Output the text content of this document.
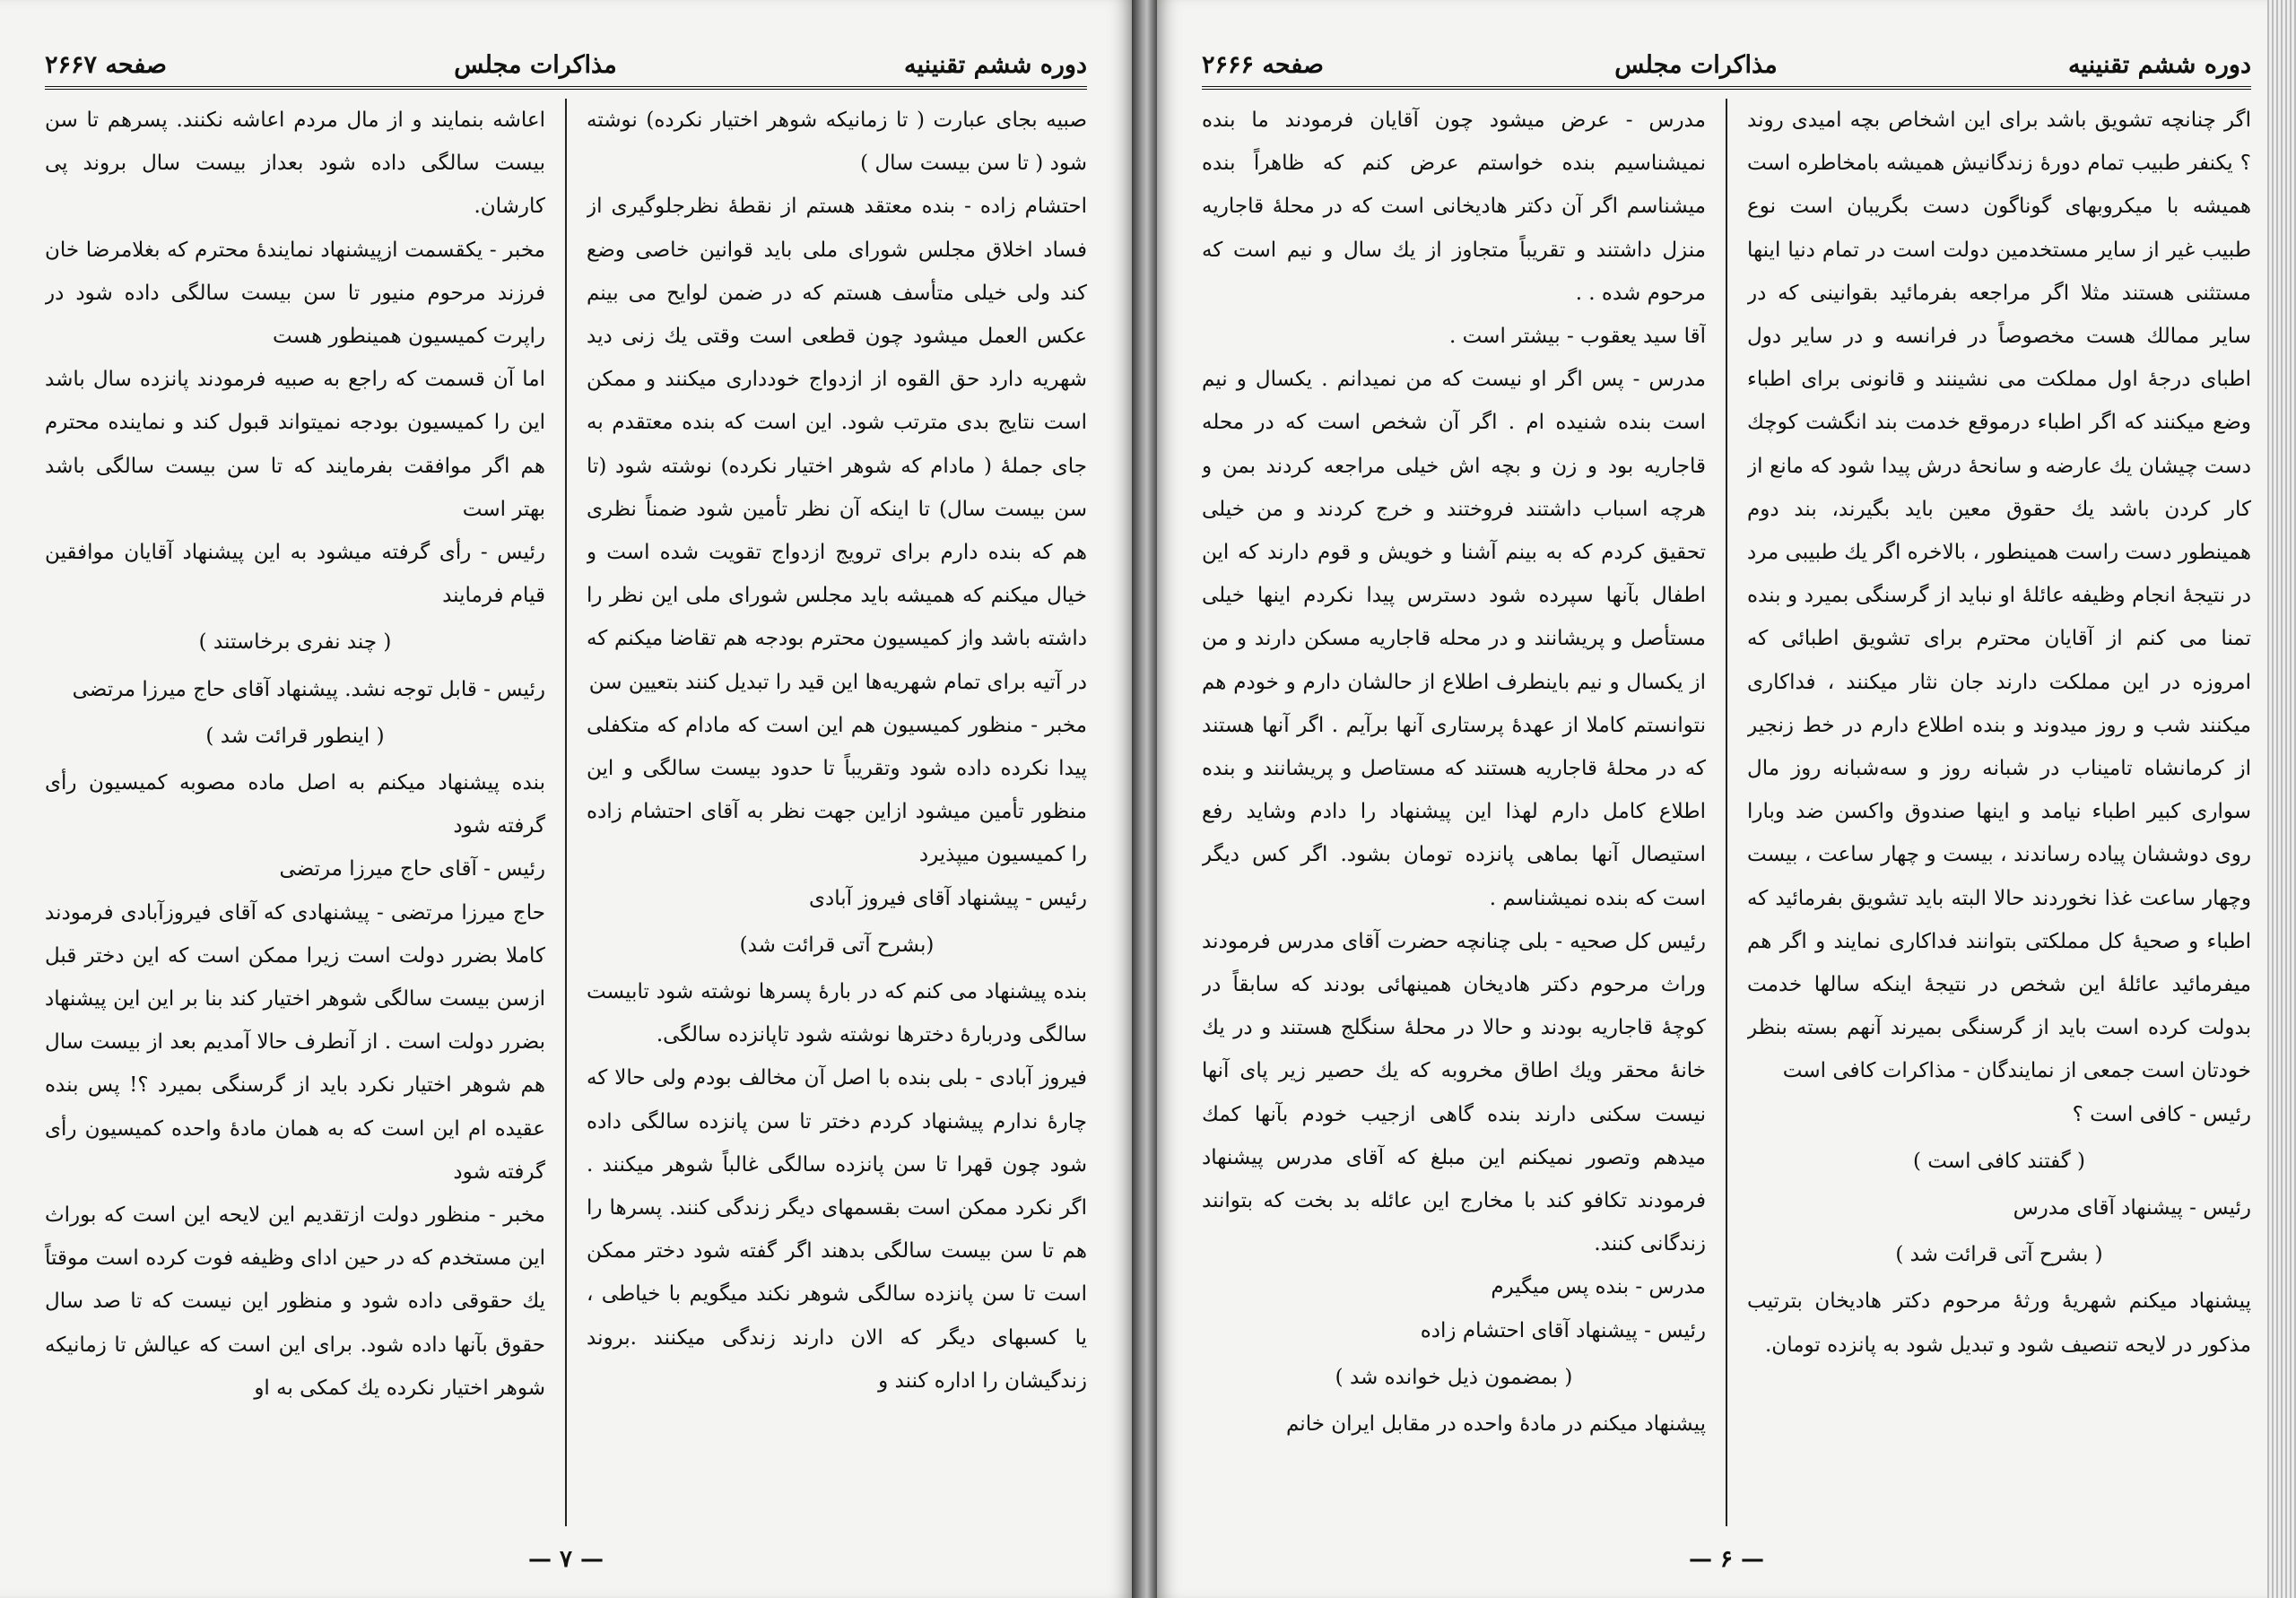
دوره ششم تقنینیه
مذاکرات مجلس
صفحه ۲۶۶۷

صبیه بجای عبارت ( تا زمانیکه شوهر اختیار نکرده) نوشته شود ( تا سن بیست سال )

احتشام زاده - بنده معتقد هستم از نقطهٔ نظرجلوگیری از فساد اخلاق مجلس شورای ملی باید قوانین خاصی وضع کند ولی خیلی متأسف هستم که در ضمن لوایح می بینم عکس العمل میشود چون قطعی است وقتی یك زنی دید شهریه دارد حق القوه از ازدواج خودداری میکنند و ممکن است نتایج بدی مترتب شود. این است که بنده معتقدم به جای جملهٔ ( مادام که شوهر اختیار نکرده) نوشته شود (تا سن بیست سال) تا اینکه آن نظر تأمین شود ضمناً نظری هم که بنده دارم برای ترویج ازدواج تقویت شده است و خیال میکنم که همیشه باید مجلس شورای ملی این نظر را داشته باشد واز کمیسیون محترم بودجه هم تقاضا میکنم که در آتیه برای تمام شهریه‌ها این قید را تبدیل کنند بتعیین سن

مخبر - منظور کمیسیون هم این است که مادام که متکفلی پیدا نکرده داده شود وتقریباً تا حدود بیست سالگی و این منظور تأمین میشود ازاین جهت نظر به آقای احتشام زاده را کمیسیون میپذیرد

رئیس - پیشنهاد آقای فیروز آبادی

(بشرح آتی قرائت شد)

بنده پیشنهاد می کنم که در بارهٔ پسرها نوشته شود تابیست سالگی ودربارهٔ دخترها نوشته شود تاپانزده سالگی.

فیروز آبادی - بلی بنده با اصل آن مخالف بودم ولی حالا که چارهٔ ندارم پیشنهاد کردم دختر تا سن پانزده سالگی داده شود چون قهرا تا سن پانزده سالگی غالباً شوهر میکنند . اگر نکرد ممکن است بقسمهای دیگر زندگی کنند. پسرها را هم تا سن بیست سالگی بدهند اگر گفته شود دختر ممکن است تا سن پانزده سالگی شوهر نکند میگویم با خیاطی ، یا کسبهای دیگر که الان دارند زندگی میکنند .بروند زندگیشان را اداره کنند و

اعاشه بنمایند و از مال مردم اعاشه نکنند. پسرهم تا سن بیست سالگی داده شود بعداز بیست سال بروند پی کارشان.

مخبر - یکقسمت ازپیشنهاد نمایندهٔ محترم که بغلامرضا خان فرزند مرحوم منیور تا سن بیست سالگی داده شود در راپرت کمیسیون همینطور هست

اما آن قسمت که راجع به صبیه فرمودند پانزده سال باشد این را کمیسیون بودجه نمیتواند قبول کند و نماینده محترم هم اگر موافقت بفرمایند که تا سن بیست سالگی باشد بهتر است

رئیس - رأی گرفته میشود به این پیشنهاد آقایان موافقین قیام فرمایند

( چند نفری برخاستند )

رئیس - قابل توجه نشد. پیشنهاد آقای حاج میرزا مرتضی

( اینطور قرائت شد )

بنده پیشنهاد میکنم به اصل ماده مصوبه کمیسیون رأی گرفته شود

رئیس - آقای حاج میرزا مرتضی

حاج میرزا مرتضی - پیشنهادی که آقای فیروزآبادی فرمودند کاملا بضرر دولت است زیرا ممکن است که این دختر قبل ازسن بیست سالگی شوهر اختیار کند بنا بر این این پیشنهاد بضرر دولت است . از آنطرف حالا آمدیم بعد از بیست سال هم شوهر اختیار نکرد باید از گرسنگی بمیرد ؟! پس بنده عقیده ام این است که به همان مادهٔ واحده کمیسیون رأی گرفته شود

مخبر - منظور دولت ازتقدیم این لایحه این است که بوراث این مستخدم که در حین ادای وظیفه فوت کرده است موقتاً یك حقوقی داده شود و منظور این نیست که تا صد سال حقوق بآنها داده شود. برای این است که عیالش تا زمانیکه شوهر اختیار نکرده یك کمکی به او

— ۷ —
دوره ششم تقنینیه
مذاکرات مجلس
صفحه ۲۶۶۶

اگر چنانچه تشویق باشد برای این اشخاص بچه امیدی روند ؟ یکنفر طبیب تمام دورهٔ زندگانیش همیشه بامخاطره است همیشه با میکروبهای گوناگون دست بگریبان است نوع طبیب غیر از سایر مستخدمین دولت است در تمام دنیا اینها مستثنی هستند مثلا اگر مراجعه بفرمائید بقوانینی که در سایر ممالك هست مخصوصاً در فرانسه و در سایر دول اطبای درجهٔ اول مملکت می نشینند و قانونی برای اطباء وضع میکنند که اگر اطباء درموقع خدمت بند انگشت کوچك دست چیشان یك عارضه و سانحهٔ درش پیدا شود که مانع از کار کردن باشد یك حقوق معین باید بگیرند، بند دوم همینطور دست راست همینطور ، بالاخره اگر یك طبیبی مرد در نتیجهٔ انجام وظیفه عائلهٔ او نباید از گرسنگی بمیرد و بنده تمنا می کنم از آقایان محترم برای تشویق اطبائی که امروزه در این مملکت دارند جان نثار میکنند ، فداکاری میکنند شب و روز میدوند و بنده اطلاع دارم در خط زنجیر از کرمانشاه تامیناب در شبانه روز و سه‌شبانه روز مال سواری کبیر اطباء نیامد و اینها صندوق واکسن ضد وبارا روی دوششان پیاده رساندند ، بیست و چهار ساعت ، بیست وچهار ساعت غذا نخوردند حالا البته باید تشویق بفرمائید که اطباء و صحیهٔ کل مملکتی بتوانند فداکاری نمایند و اگر هم میفرمائید عائلهٔ این شخص در نتیجهٔ اینکه سالها خدمت بدولت کرده است باید از گرسنگی بمیرند آنهم بسته بنظر خودتان است جمعی از نمایندگان - مذاکرات کافی است

رئیس - کافی است ؟

( گفتند کافی است )

رئیس - پیشنهاد آقای مدرس

( بشرح آتی قرائت شد )

پیشنهاد میکنم شهریهٔ ورثهٔ مرحوم دکتر هادیخان بترتیب مذکور در لایحه تنصیف شود و تبدیل شود به پانزده تومان.

مدرس - عرض میشود چون آقایان فرمودند ما بنده نمیشناسیم بنده خواستم عرض کنم که ظاهراً بنده میشناسم اگر آن دکتر هادیخانی است که در محلهٔ قاجاریه منزل داشتند و تقریباً متجاوز از یك سال و نیم است که مرحوم شده . .

آقا سید یعقوب - بیشتر است .

مدرس - پس اگر او نیست که من نمیدانم . یکسال و نیم است بنده شنیده ام . اگر آن شخص است که در محله قاجاریه بود و زن و بچه اش خیلی مراجعه کردند بمن و هرچه اسباب داشتند فروختند و خرج کردند و من خیلی تحقیق کردم که به بینم آشنا و خویش و قوم دارند که این اطفال بآنها سپرده شود دسترس پیدا نکردم اینها خیلی مستأصل و پریشانند و در محله قاجاریه مسکن دارند و من از یکسال و نیم باینطرف اطلاع از حالشان دارم و خودم هم نتوانستم کاملا از عهدهٔ پرستاری آنها برآیم . اگر آنها هستند که در محلهٔ قاجاریه هستند که مستاصل و پریشانند و بنده اطلاع کامل دارم لهذا این پیشنهاد را دادم وشاید رفع استیصال آنها بماهی پانزده تومان بشود. اگر کس دیگر است که بنده نمیشناسم .

رئیس کل صحیه - بلی چنانچه حضرت آقای مدرس فرمودند وراث مرحوم دکتر هادیخان همینهائی بودند که سابقاً در کوچهٔ قاجاریه بودند و حالا در محلهٔ سنگلج هستند و در یك خانهٔ محقر ویك اطاق مخروبه که یك حصیر زیر پای آنها نیست سکنی دارند بنده گاهی ازجیب خودم بآنها کمك میدهم وتصور نمیکنم این مبلغ که آقای مدرس پیشنهاد فرمودند تکافو کند با مخارج این عائله بد بخت که بتوانند زندگانی کنند.

مدرس - بنده پس میگیرم

رئیس - پیشنهاد آقای احتشام زاده

( بمضمون ذیل خوانده شد )

پیشنهاد میکنم در مادهٔ واحده در مقابل ایران خانم

— ۶ —
